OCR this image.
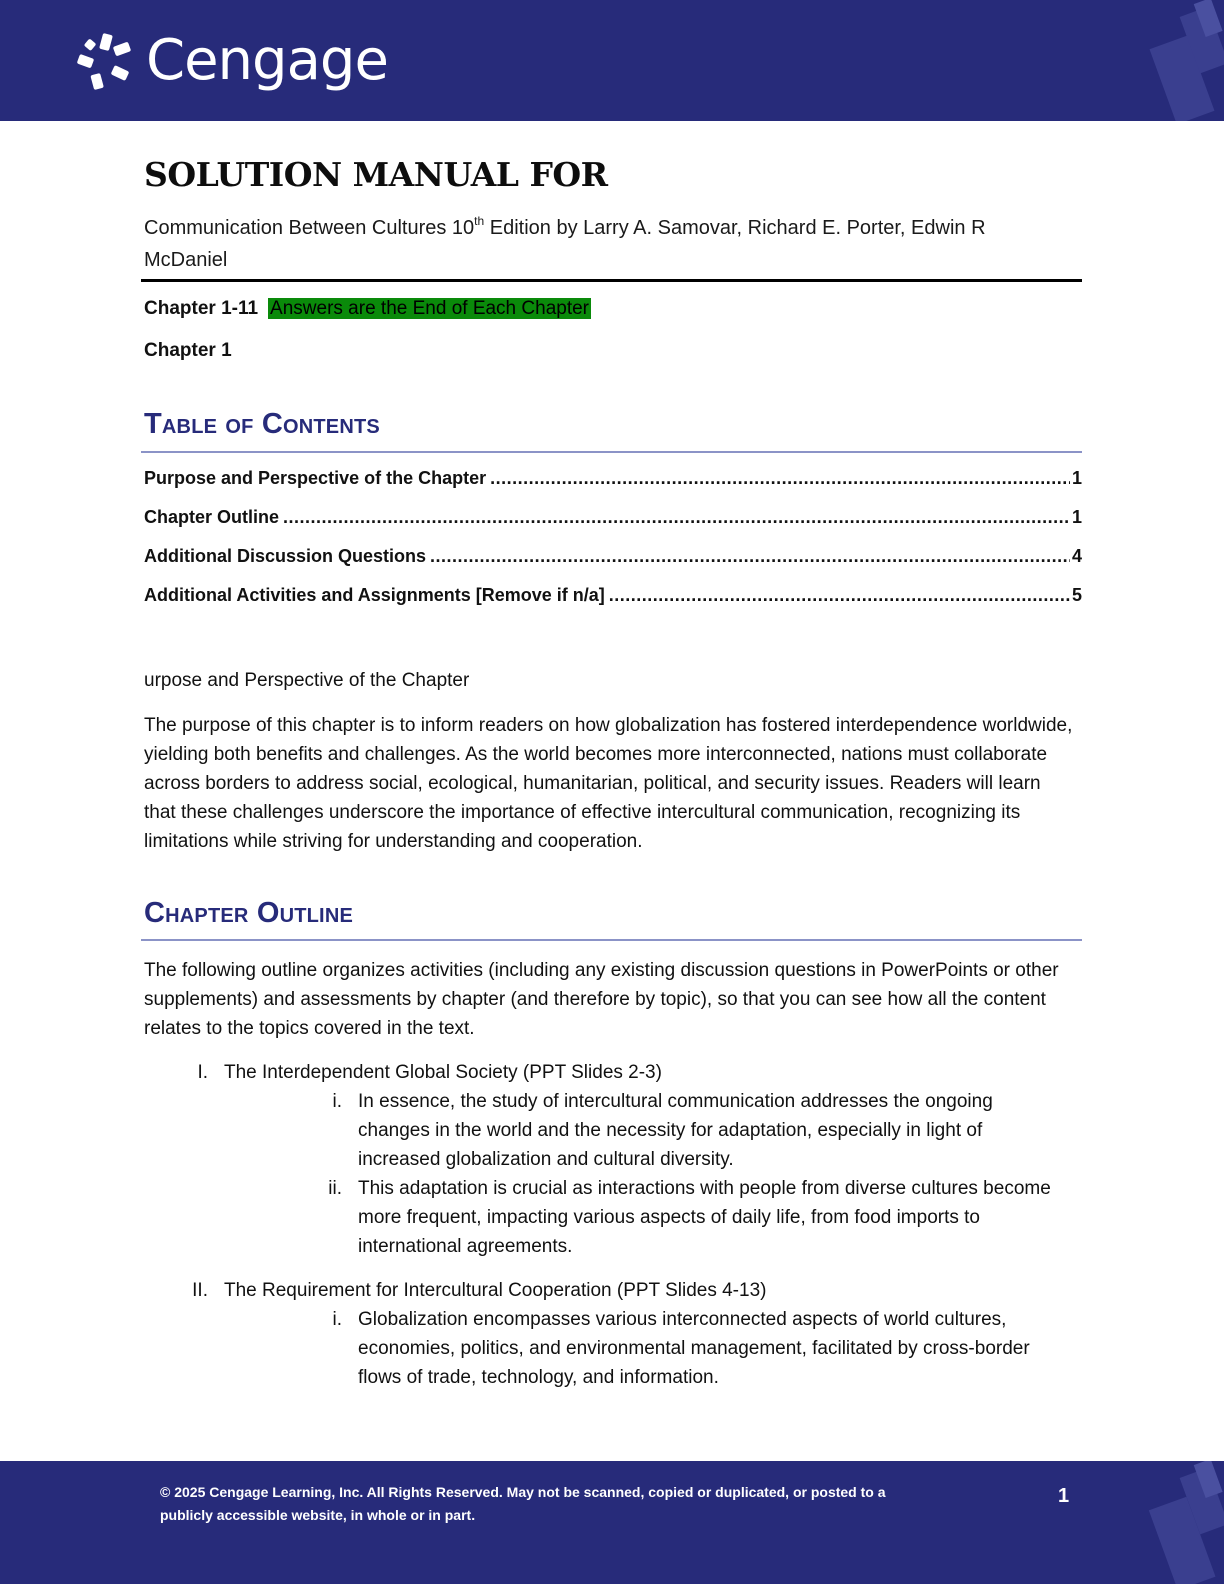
Cengage
SOLUTION MANUAL FOR

Communication Between Cultures 10th Edition by Larry A. Samovar, Richard E. Porter, Edwin R McDaniel

Chapter 1-11 Answers are the End of Each Chapter
Chapter 1
Table of Contents
Purpose and Perspective of the Chapter .....	1
Chapter Outline .....	1
Additional Discussion Questions .....	4
Additional Activities and Assignments [Remove if n/a] .....	5

urpose and Perspective of the Chapter

The purpose of this chapter is to inform readers on how globalization has fostered interdependence worldwide, yielding both benefits and challenges. As the world becomes more interconnected, nations must collaborate across borders to address social, ecological, humanitarian, political, and security issues. Readers will learn that these challenges underscore the importance of effective intercultural communication, recognizing its limitations while striving for understanding and cooperation.

Chapter Outline

The following outline organizes activities (including any existing discussion questions in PowerPoints or other supplements) and assessments by chapter (and therefore by topic), so that you can see how all the content relates to the topics covered in the text.

I. The Interdependent Global Society (PPT Slides 2-3)
i. In essence, the study of intercultural communication addresses the ongoing changes in the world and the necessity for adaptation, especially in light of increased globalization and cultural diversity.
ii. This adaptation is crucial as interactions with people from diverse cultures become more frequent, impacting various aspects of daily life, from food imports to international agreements.
II. The Requirement for Intercultural Cooperation (PPT Slides 4-13)
i. Globalization encompasses various interconnected aspects of world cultures, economies, politics, and environmental management, facilitated by cross-border flows of trade, technology, and information.
© 2025 Cengage Learning, Inc. All Rights Reserved. May not be scanned, copied or duplicated, or posted to a publicly accessible website, in whole or in part.
1
